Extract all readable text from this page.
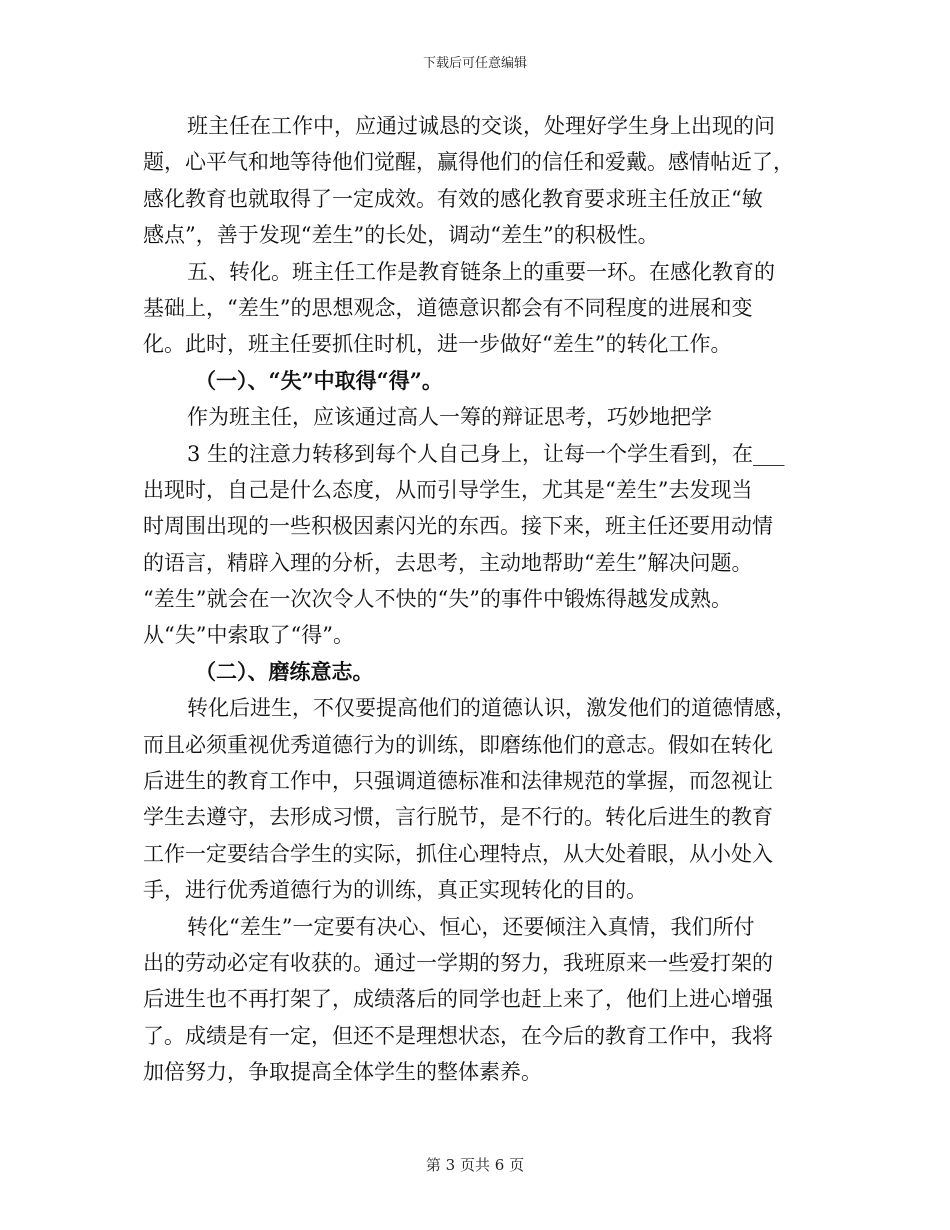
下载后可任意编辑
班主任在工作中，应通过诚恳的交谈，处理好学生身上出现的问
题，心平气和地等待他们觉醒，赢得他们的信任和爱戴。感情帖近了，
感化教育也就取得了一定成效。有效的感化教育要求班主任放正“敏
感点”，善于发现“差生”的长处，调动“差生”的积极性。
五、转化。班主任工作是教育链条上的重要一环。在感化教育的
基础上，“差生”的思想观念，道德意识都会有不同程度的进展和变
化。此时，班主任要抓住时机，进一步做好“差生”的转化工作。
（一）、“失”中取得“得”。
作为班主任，应该通过高人一筹的辩证思考，巧妙地把学
3 生的注意力转移到每个人自己身上，让每一个学生看到，在___
出现时，自己是什么态度，从而引导学生，尤其是“差生”去发现当
时周围出现的一些积极因素闪光的东西。接下来，班主任还要用动情
的语言，精辟入理的分析，去思考，主动地帮助“差生”解决问题。
“差生”就会在一次次令人不快的“失”的事件中锻炼得越发成熟。
从“失”中索取了“得”。
（二）、磨练意志。
转化后进生，不仅要提高他们的道德认识，激发他们的道德情感，
而且必须重视优秀道德行为的训练，即磨练他们的意志。假如在转化
后进生的教育工作中，只强调道德标准和法律规范的掌握，而忽视让
学生去遵守，去形成习惯，言行脱节，是不行的。转化后进生的教育
工作一定要结合学生的实际，抓住心理特点，从大处着眼，从小处入
手，进行优秀道德行为的训练，真正实现转化的目的。
转化“差生”一定要有决心、恒心，还要倾注入真情，我们所付
出的劳动必定有收获的。通过一学期的努力，我班原来一些爱打架的
后进生也不再打架了，成绩落后的同学也赶上来了，他们上进心增强
了。成绩是有一定，但还不是理想状态，在今后的教育工作中，我将
加倍努力，争取提高全体学生的整体素养。
第 3 页共 6 页
